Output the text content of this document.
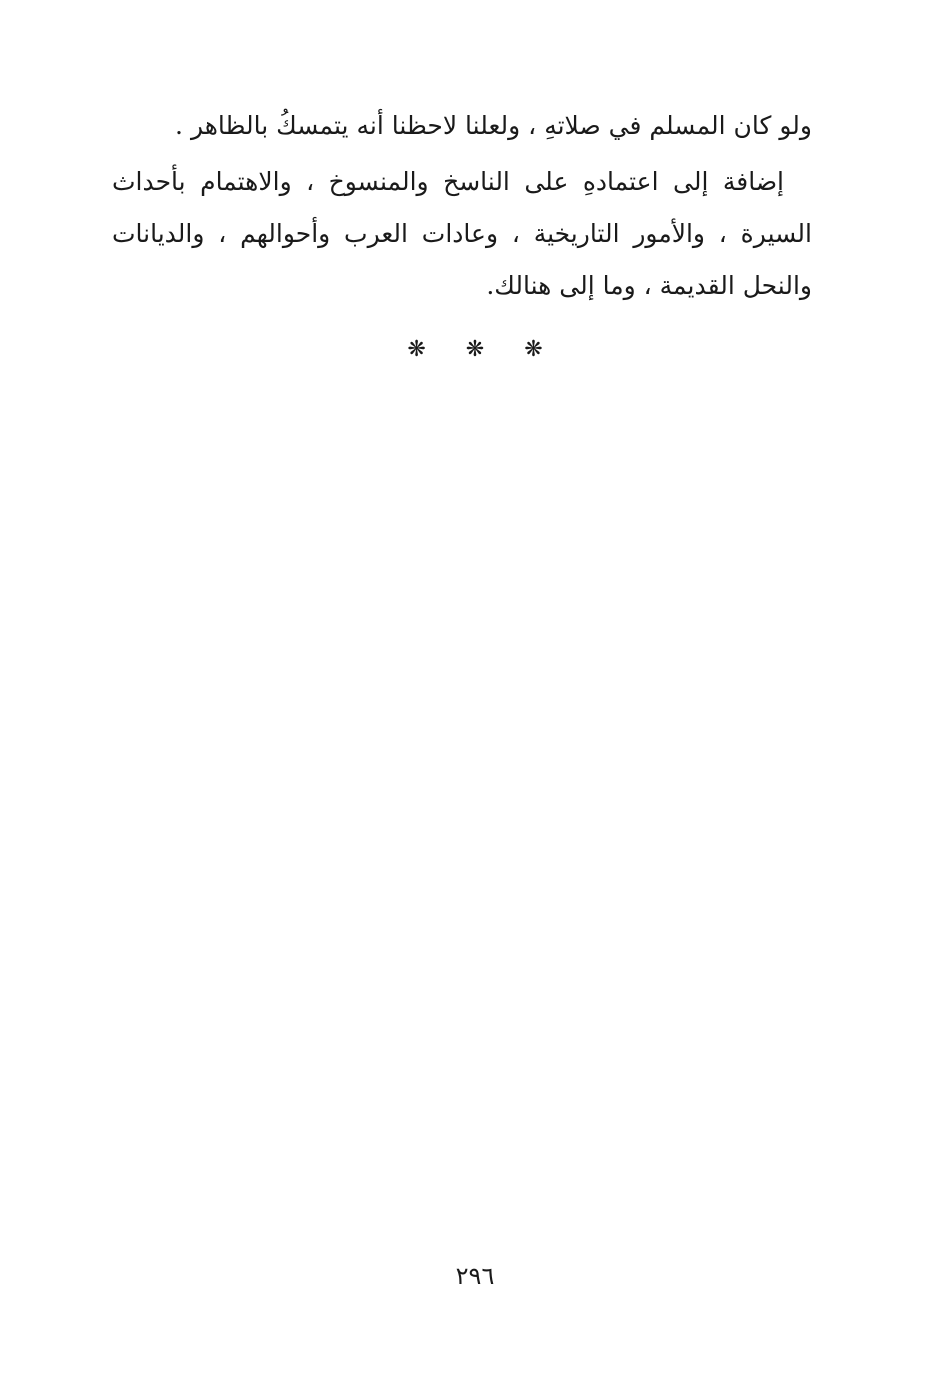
ولو كان المسلم في صلاتهِ ، ولعلنا لاحظنا أنه يتمسكُ بالظاهر .

إضافة إلى اعتمادهِ على الناسخ والمنسوخ ، والاهتمام بأحداث السيرة ، والأمور التاريخية ، وعادات العرب وأحوالهم ، والديانات والنحل القديمة ، وما إلى هنالك.

❋ ❋ ❋
٢٩٦
